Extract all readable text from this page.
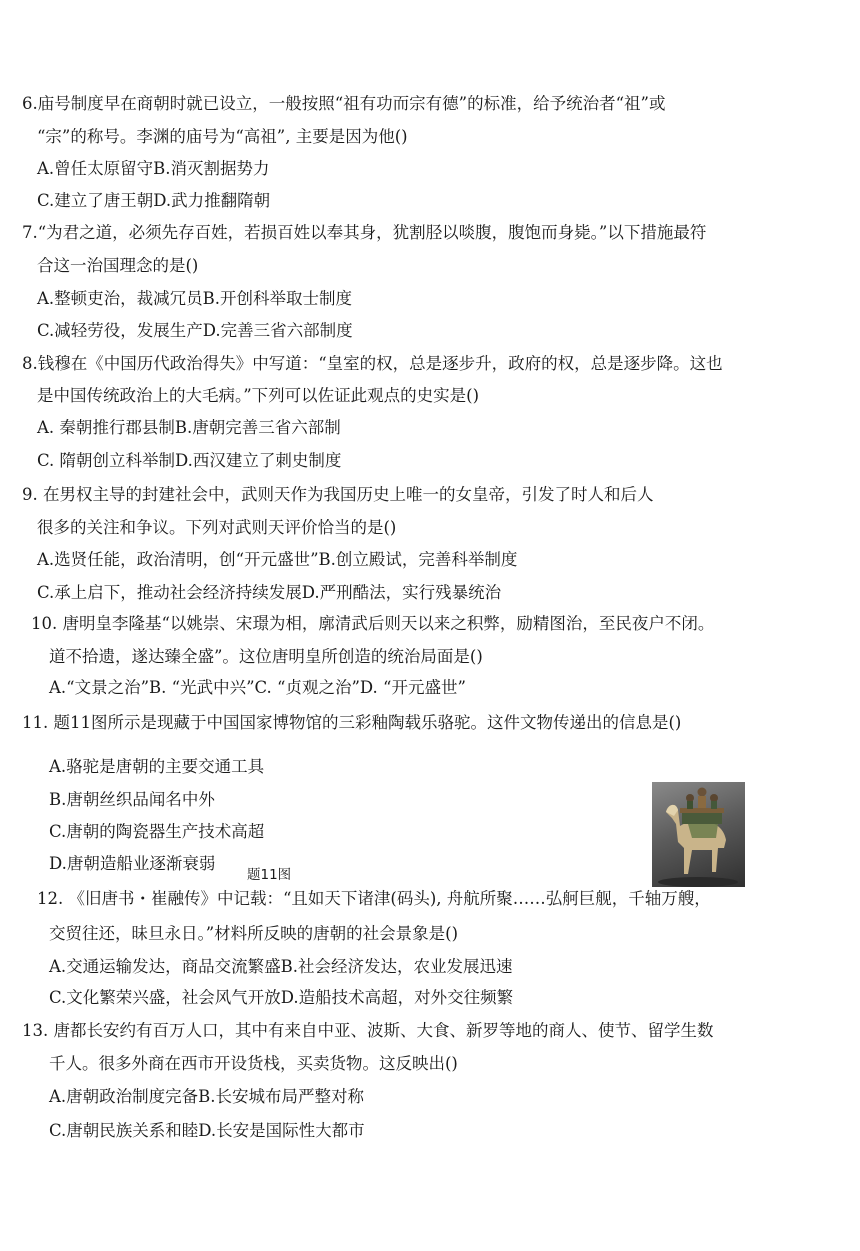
6.庙号制度早在商朝时就已设立，一般按照“祖有功而宗有德”的标准，给予统治者“祖”或
“宗”的称号。李渊的庙号为“高祖”, 主要是因为他()
A.曾任太原留守B.消灭割据势力
C.建立了唐王朝D.武力推翻隋朝
7.“为君之道，必须先存百姓，若损百姓以奉其身，犹割胫以啖腹，腹饱而身毙。”以下措施最符
合这一治国理念的是()
A.整顿吏治，裁减冗员B.开创科举取士制度
C.减轻劳役，发展生产D.完善三省六部制度
8.钱穆在《中国历代政治得失》中写道：“皇室的权，总是逐步升，政府的权，总是逐步降。这也
是中国传统政治上的大毛病。”下列可以佐证此观点的史实是()
A. 秦朝推行郡县制B.唐朝完善三省六部制
C. 隋朝创立科举制D.西汉建立了刺史制度
9. 在男权主导的封建社会中，武则天作为我国历史上唯一的女皇帝，引发了时人和后人
很多的关注和争议。下列对武则天评价恰当的是()
A.选贤任能，政治清明，创“开元盛世”B.创立殿试，完善科举制度
C.承上启下，推动社会经济持续发展D.严刑酷法，实行残暴统治
10. 唐明皇李隆基“以姚崇、宋璟为相，廓清武后则天以来之积弊，励精图治，至民夜户不闭。
道不拾遗，遂达臻全盛”。这位唐明皇所创造的统治局面是()
A.“文景之治”B. “光武中兴”C. “贞观之治”D. “开元盛世”
11. 题11图所示是现藏于中国国家博物馆的三彩釉陶载乐骆驼。这件文物传递出的信息是()
A.骆驼是唐朝的主要交通工具
B.唐朝丝织品闻名中外
C.唐朝的陶瓷器生产技术高超
D.唐朝造船业逐渐衰弱
题11图
12. 《旧唐书・崔融传》中记载：“且如天下诸津(码头), 舟航所聚……弘舸巨舰，千轴万艘，
交贸往还，昧旦永日。”材料所反映的唐朝的社会景象是()
A.交通运输发达，商品交流繁盛B.社会经济发达，农业发展迅速
C.文化繁荣兴盛，社会风气开放D.造船技术高超，对外交往频繁
13. 唐都长安约有百万人口，其中有来自中亚、波斯、大食、新罗等地的商人、使节、留学生数
千人。很多外商在西市开设货栈，买卖货物。这反映出()
A.唐朝政治制度完备B.长安城布局严整对称
C.唐朝民族关系和睦D.长安是国际性大都市
